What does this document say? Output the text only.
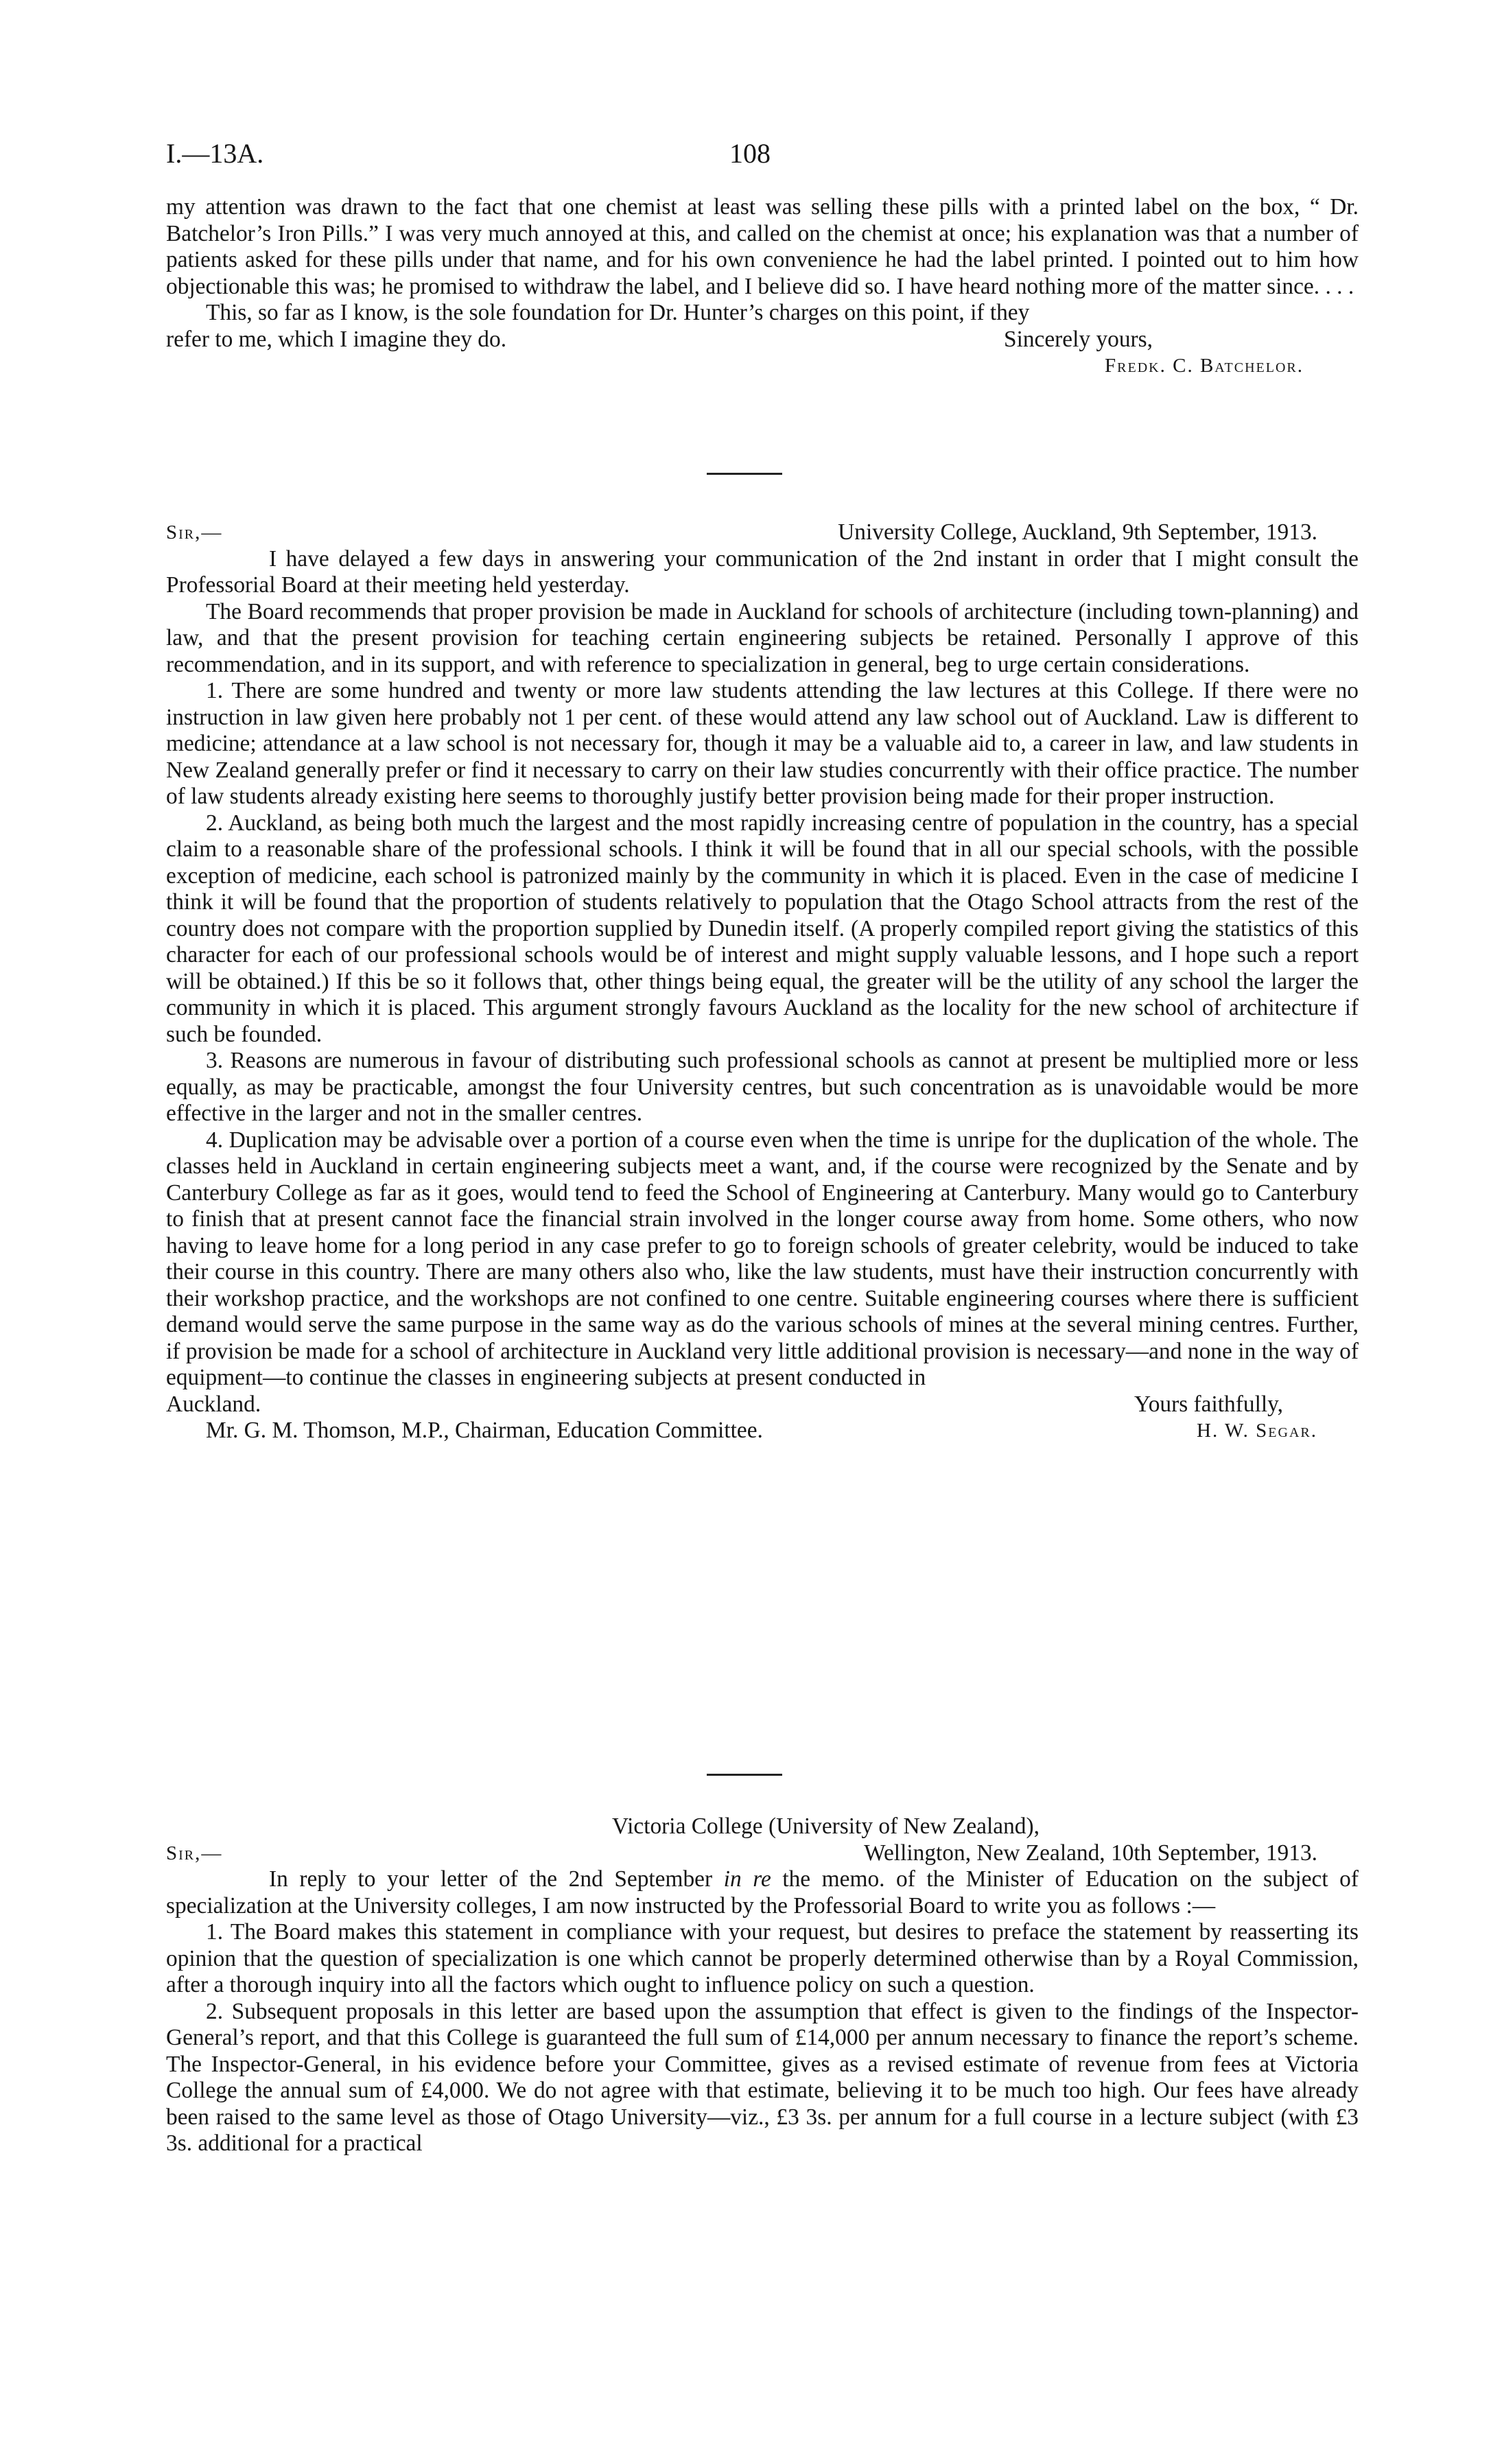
I.—13A.	108

my attention was drawn to the fact that one chemist at least was selling these pills with a printed label on the box, “ Dr. Batchelor’s Iron Pills.” I was very much annoyed at this, and called on the chemist at once; his explanation was that a number of patients asked for these pills under that name, and for his own convenience he had the label printed. I pointed out to him how objectionable this was; he promised to withdraw the label, and I believe did so. I have heard nothing more of the matter since. . . .

This, so far as I know, is the sole foundation for Dr. Hunter’s charges on this point, if they

refer to me, which I imagine they do.	Sincerely yours,

Fredk. C. Batchelor.

Sir,—	University College, Auckland, 9th September, 1913.

I have delayed a few days in answering your communication of the 2nd instant in order that I might consult the Professorial Board at their meeting held yesterday.

The Board recommends that proper provision be made in Auckland for schools of architecture (including town-planning) and law, and that the present provision for teaching certain engineering subjects be retained. Personally I approve of this recommendation, and in its support, and with reference to specialization in general, beg to urge certain considerations.

1. There are some hundred and twenty or more law students attending the law lectures at this College. If there were no instruction in law given here probably not 1 per cent. of these would attend any law school out of Auckland. Law is different to medicine; attendance at a law school is not necessary for, though it may be a valuable aid to, a career in law, and law students in New Zealand generally prefer or find it necessary to carry on their law studies concurrently with their office practice. The number of law students already existing here seems to thoroughly justify better provision being made for their proper instruction.

2. Auckland, as being both much the largest and the most rapidly increasing centre of population in the country, has a special claim to a reasonable share of the professional schools. I think it will be found that in all our special schools, with the possible exception of medicine, each school is patronized mainly by the community in which it is placed. Even in the case of medicine I think it will be found that the proportion of students relatively to population that the Otago School attracts from the rest of the country does not compare with the proportion supplied by Dunedin itself. (A properly compiled report giving the statistics of this character for each of our professional schools would be of interest and might supply valuable lessons, and I hope such a report will be obtained.) If this be so it follows that, other things being equal, the greater will be the utility of any school the larger the community in which it is placed. This argument strongly favours Auckland as the locality for the new school of architecture if such be founded.

3. Reasons are numerous in favour of distributing such professional schools as cannot at present be multiplied more or less equally, as may be practicable, amongst the four University centres, but such concentration as is unavoidable would be more effective in the larger and not in the smaller centres.

4. Duplication may be advisable over a portion of a course even when the time is unripe for the duplication of the whole. The classes held in Auckland in certain engineering subjects meet a want, and, if the course were recognized by the Senate and by Canterbury College as far as it goes, would tend to feed the School of Engineering at Canterbury. Many would go to Canterbury to finish that at present cannot face the financial strain involved in the longer course away from home. Some others, who now having to leave home for a long period in any case prefer to go to foreign schools of greater celebrity, would be induced to take their course in this country. There are many others also who, like the law students, must have their instruction concurrently with their workshop practice, and the workshops are not confined to one centre. Suitable engineering courses where there is sufficient demand would serve the same purpose in the same way as do the various schools of mines at the several mining centres. Further, if provision be made for a school of architecture in Auckland very little additional provision is necessary—and none in the way of equipment—to continue the classes in engineering subjects at present conducted in

Auckland.	Yours faithfully,
Mr. G. M. Thomson, M.P., Chairman, Education Committee.	H. W. Segar.

Victoria College (University of New Zealand),

Sir,—	Wellington, New Zealand, 10th September, 1913.

In reply to your letter of the 2nd September in re the memo. of the Minister of Education on the subject of specialization at the University colleges, I am now instructed by the Professorial Board to write you as follows :—

1. The Board makes this statement in compliance with your request, but desires to preface the statement by reasserting its opinion that the question of specialization is one which cannot be properly determined otherwise than by a Royal Commission, after a thorough inquiry into all the factors which ought to influence policy on such a question.

2. Subsequent proposals in this letter are based upon the assumption that effect is given to the findings of the Inspector-General’s report, and that this College is guaranteed the full sum of £14,000 per annum necessary to finance the report’s scheme. The Inspector-General, in his evidence before your Committee, gives as a revised estimate of revenue from fees at Victoria College the annual sum of £4,000. We do not agree with that estimate, believing it to be much too high. Our fees have already been raised to the same level as those of Otago University—viz., £3 3s. per annum for a full course in a lecture subject (with £3 3s. additional for a practical
